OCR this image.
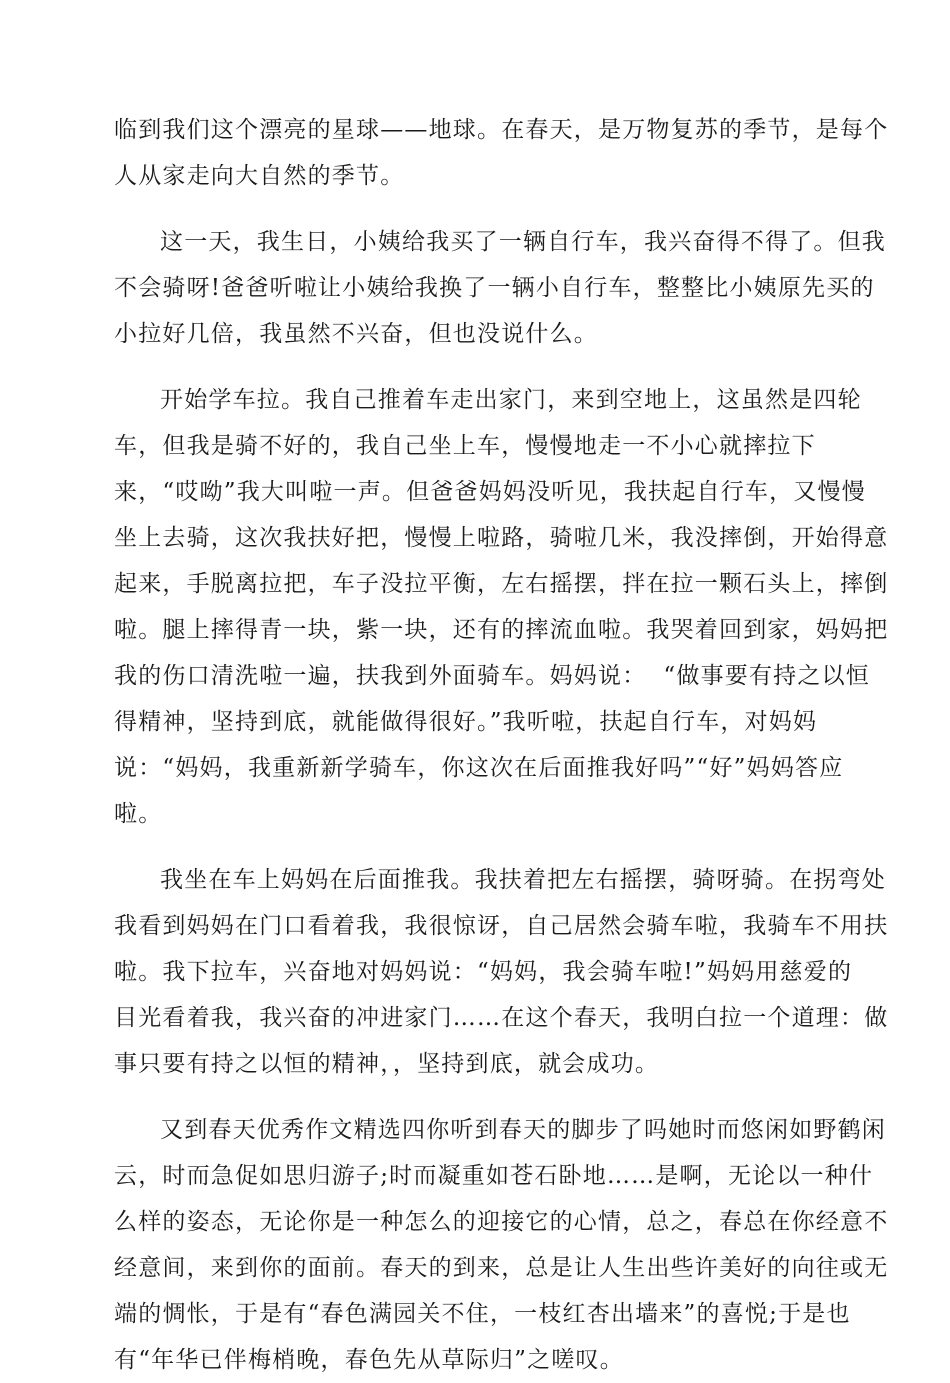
临到我们这个漂亮的星球——地球。在春天，是万物复苏的季节，是每个
人从家走向大自然的季节。
这一天，我生日，小姨给我买了一辆自行车，我兴奋得不得了。但我
不会骑呀!爸爸听啦让小姨给我换了一辆小自行车，整整比小姨原先买的
小拉好几倍，我虽然不兴奋，但也没说什么。
开始学车拉。我自己推着车走出家门，来到空地上，这虽然是四轮
车，但我是骑不好的，我自己坐上车，慢慢地走一不小心就摔拉下
来，“哎呦”我大叫啦一声。但爸爸妈妈没听见，我扶起自行车，又慢慢
坐上去骑，这次我扶好把，慢慢上啦路，骑啦几米，我没摔倒，开始得意
起来，手脱离拉把，车子没拉平衡，左右摇摆，拌在拉一颗石头上，摔倒
啦。腿上摔得青一块，紫一块，还有的摔流血啦。我哭着回到家，妈妈把
我的伤口清洗啦一遍，扶我到外面骑车。妈妈说：  “做事要有持之以恒
得精神，坚持到底，就能做得很好。”我听啦，扶起自行车，对妈妈
说：“妈妈，我重新新学骑车，你这次在后面推我好吗”“好”妈妈答应
啦。
我坐在车上妈妈在后面推我。我扶着把左右摇摆，骑呀骑。在拐弯处
我看到妈妈在门口看着我，我很惊讶，自己居然会骑车啦，我骑车不用扶
啦。我下拉车，兴奋地对妈妈说：“妈妈，我会骑车啦!”妈妈用慈爱的
目光看着我，我兴奋的冲进家门……在这个春天，我明白拉一个道理：做
事只要有持之以恒的精神，，坚持到底，就会成功。
又到春天优秀作文精选四你听到春天的脚步了吗她时而悠闲如野鹤闲
云，时而急促如思归游子;时而凝重如苍石卧地……是啊，无论以一种什
么样的姿态，无论你是一种怎么的迎接它的心情，总之，春总在你经意不
经意间，来到你的面前。春天的到来，总是让人生出些许美好的向往或无
端的惆怅，于是有“春色满园关不住，一枝红杏出墙来”的喜悦;于是也
有“年华已伴梅梢晚，春色先从草际归”之嗟叹。
